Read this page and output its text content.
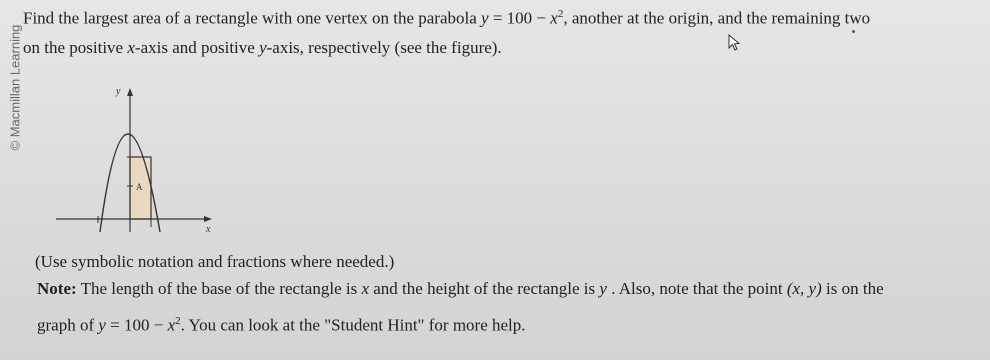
© Macmillan Learning
Find the largest area of a rectangle with one vertex on the parabola $y = 100 - x^2$, another at the origin, and the remaining two
on the positive x-axis and positive y-axis, respectively (see the figure).
y
x
A
(Use symbolic notation and fractions where needed.)
Note: The length of the base of the rectangle is x and the height of the rectangle is y . Also, note that the point (x, y) is on the
graph of $y = 100 - x^2$. You can look at the "Student Hint" for more help.
